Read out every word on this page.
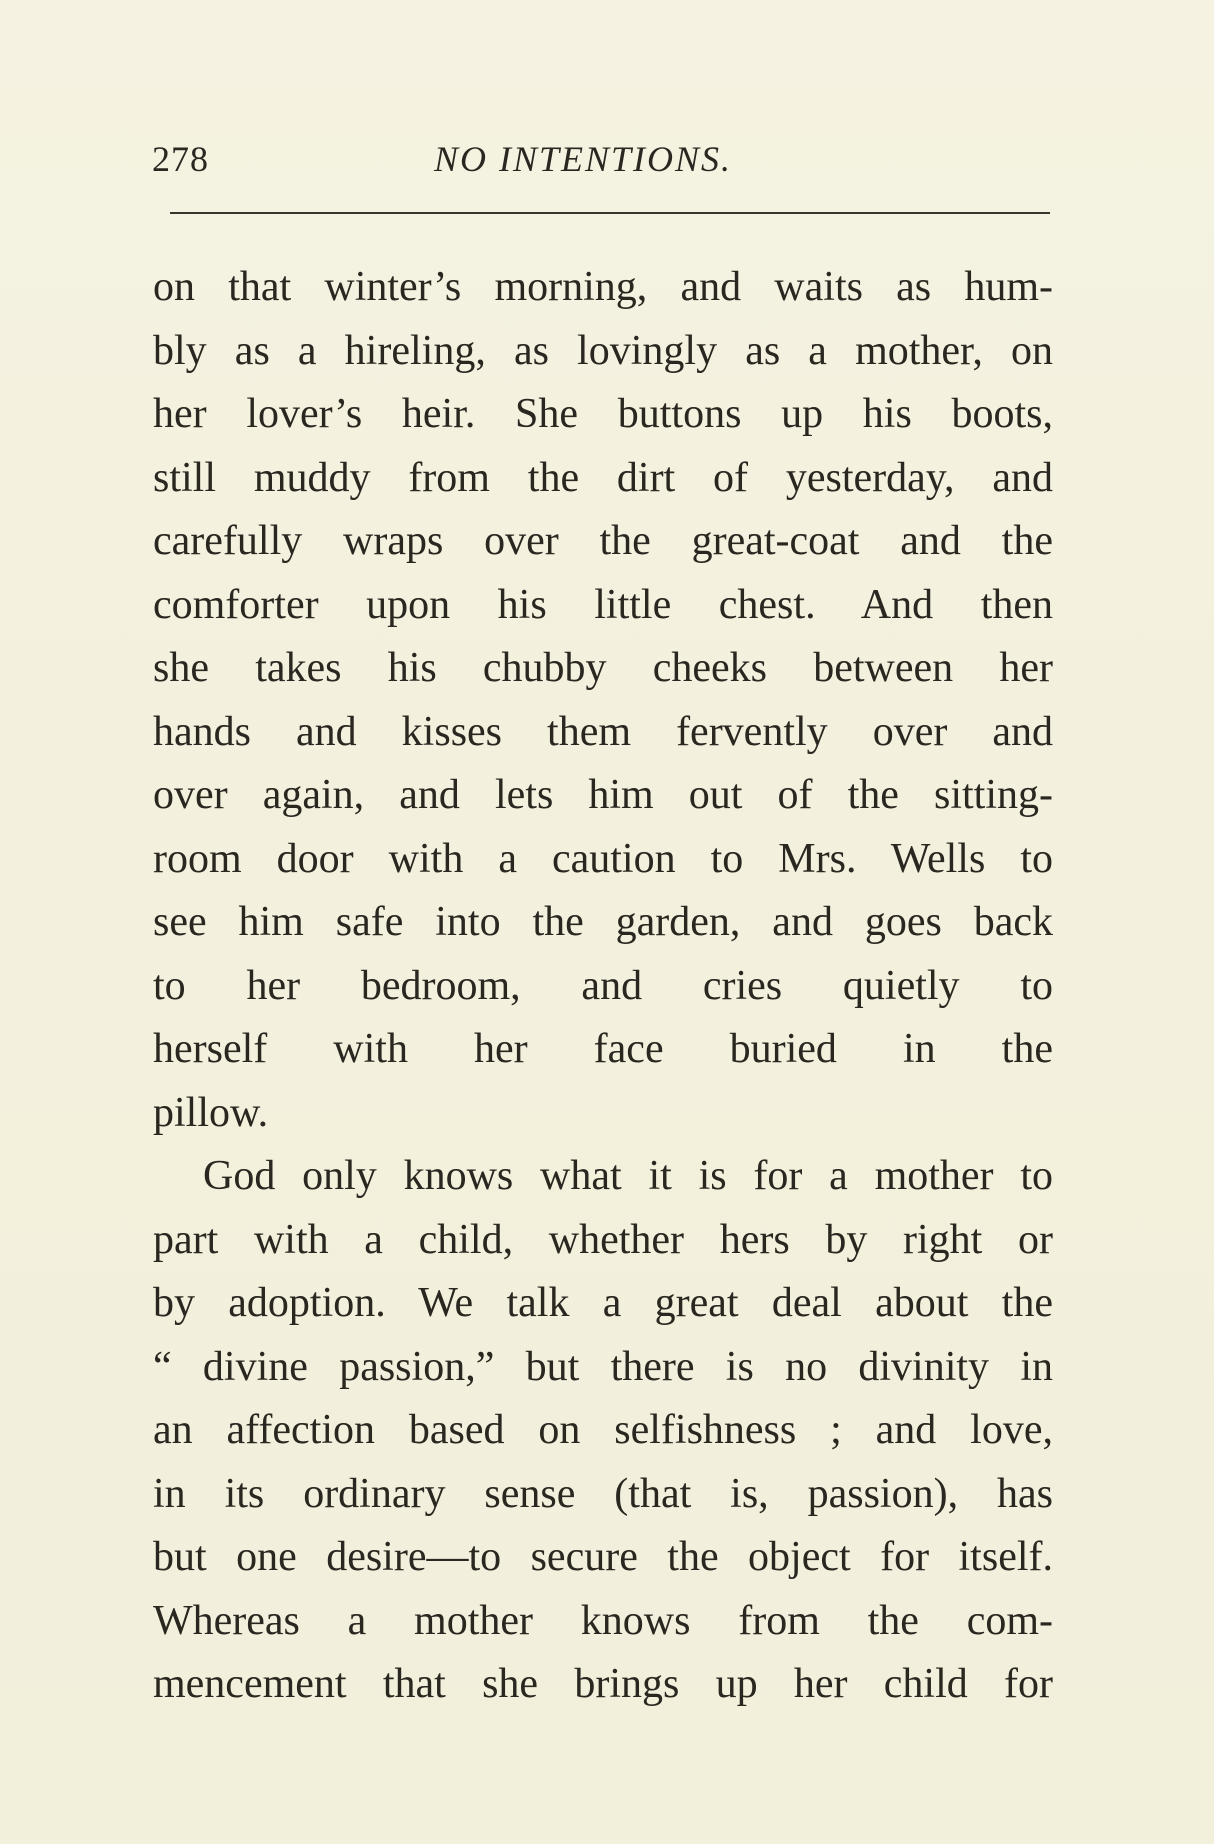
278	NO INTENTIONS.
on that winter’s morning, and waits as hum-
bly as a hireling, as lovingly as a mother, on
her lover’s heir. She buttons up his boots,
still muddy from the dirt of yesterday, and
carefully wraps over the great-coat and the
comforter upon his little chest. And then
she takes his chubby cheeks between her
hands and kisses them fervently over and
over again, and lets him out of the sitting-
room door with a caution to Mrs. Wells to
see him safe into the garden, and goes back
to her bedroom, and cries quietly to
herself with her face buried in the
pillow.
God only knows what it is for a mother to
part with a child, whether hers by right or
by adoption. We talk a great deal about the
“ divine passion,” but there is no divinity in
an affection based on selfishness ; and love,
in its ordinary sense (that is, passion), has
but one desire—to secure the object for itself.
Whereas a mother knows from the com-
mencement that she brings up her child for
